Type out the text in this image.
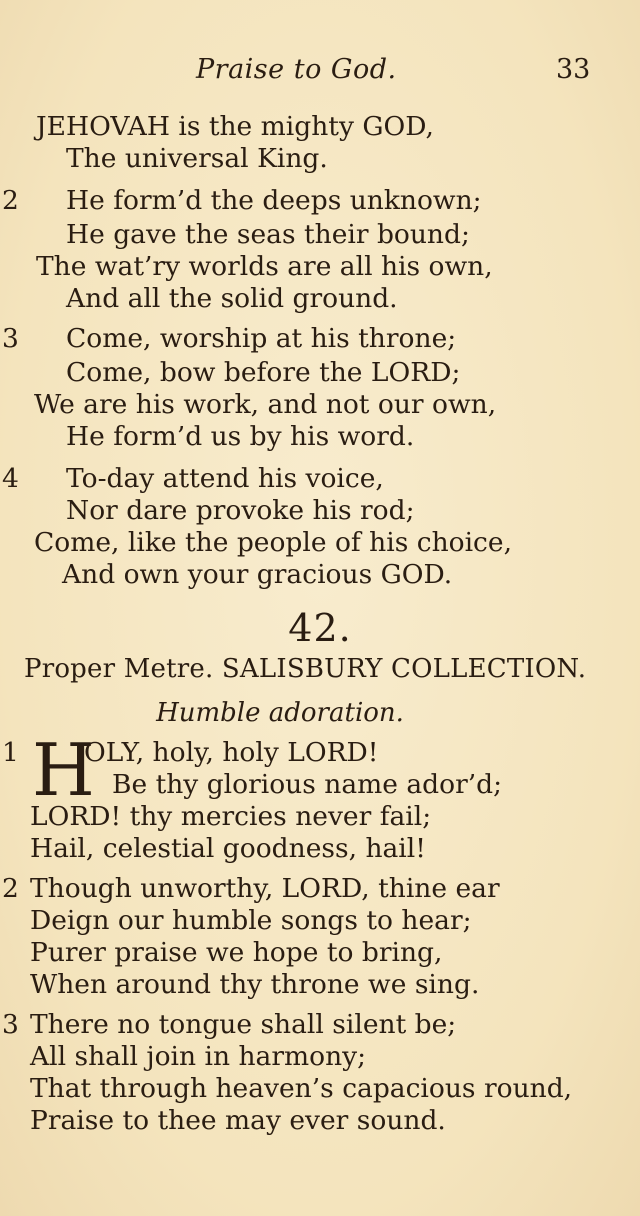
Praise to God.	33
JEHOVAH is the mighty GOD,
The universal King.
2	He form’d the deeps unknown;
He gave the seas their bound;
The wat’ry worlds are all his own,
And all the solid ground.
3	Come, worship at his throne;
Come, bow before the LORD;
We are his work, and not our own,
He form’d us by his word.
4	To-day attend his voice,
Nor dare provoke his rod;
Come, like the people of his choice,
And own your gracious GOD.
42.
Proper Metre. SALISBURY COLLECTION.
Humble adoration.
1 H
OLY, holy, holy LORD!
Be thy glorious name ador’d;
LORD! thy mercies never fail;
Hail, celestial goodness, hail!
2 Though unworthy, LORD, thine ear
Deign our humble songs to hear;
Purer praise we hope to bring,
When around thy throne we sing.
3 There no tongue shall silent be;
All shall join in harmony;
That through heaven’s capacious round,
Praise to thee may ever sound.
